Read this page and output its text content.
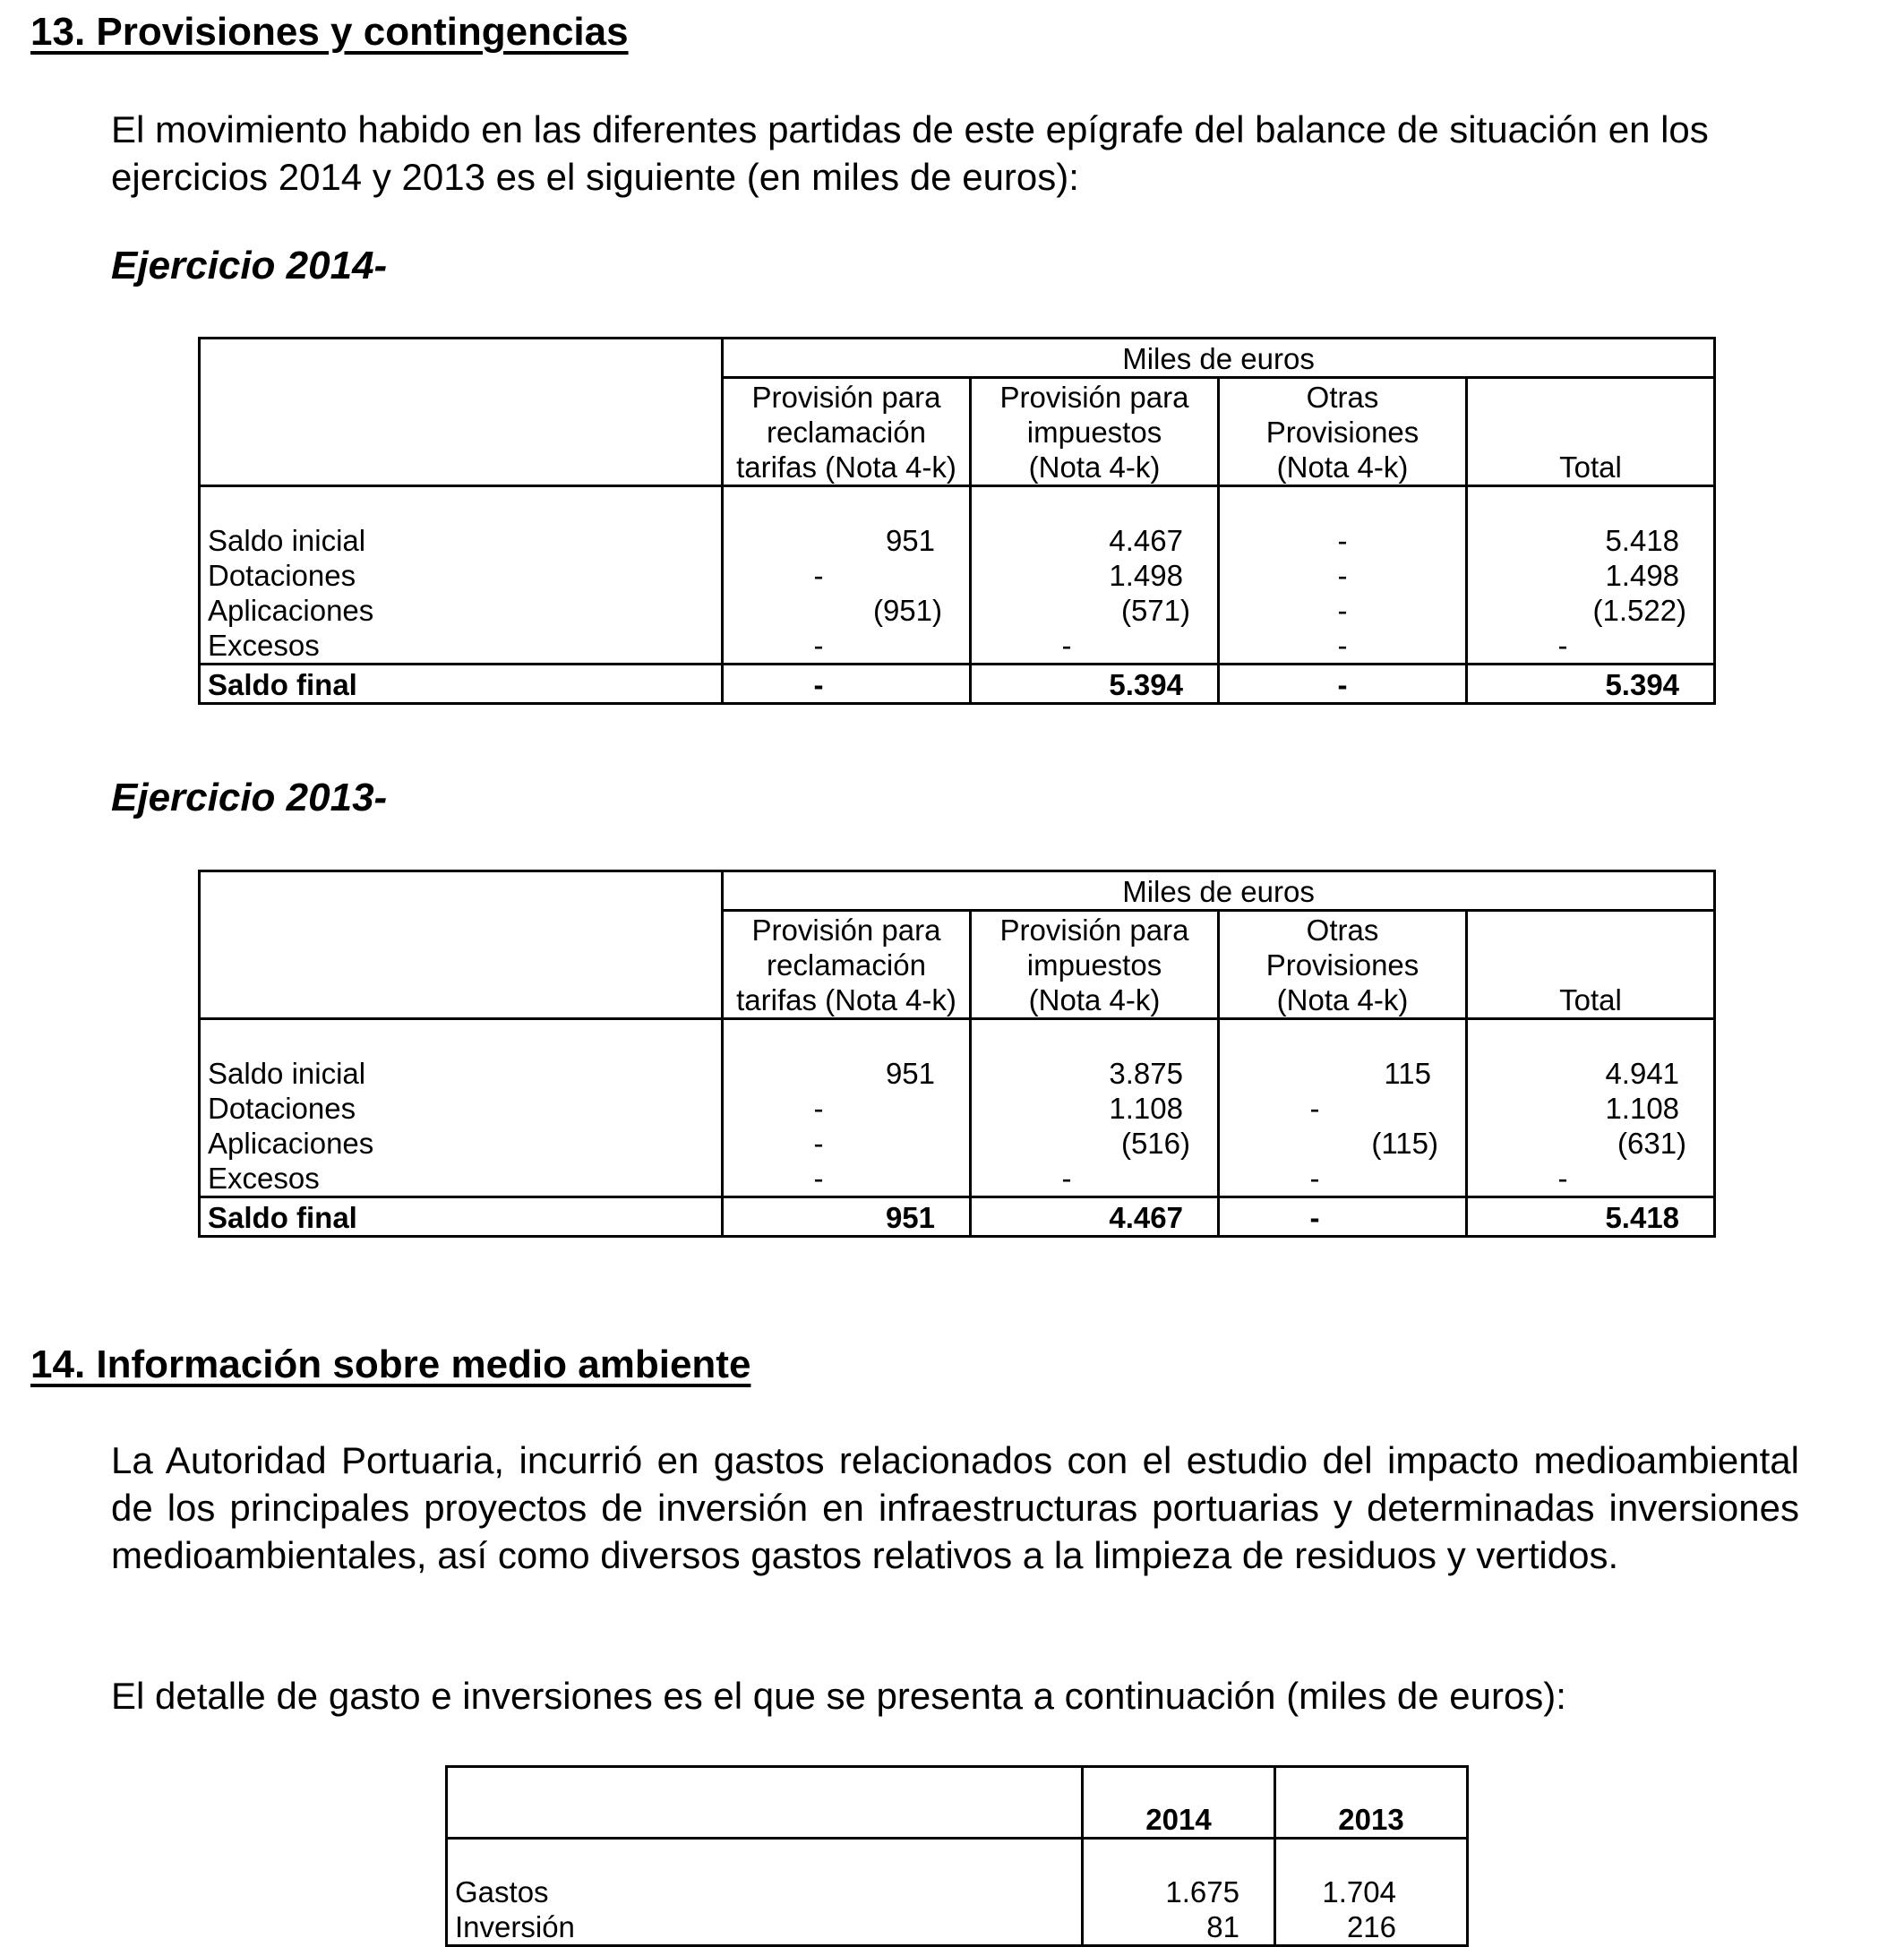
13. Provisiones y contingencias

El movimiento habido en las diferentes partidas de este epígrafe del balance de situación en los ejercicios 2014 y 2013 es el siguiente (en miles de euros):

Ejercicio 2014-
	Miles de euros			
	Provisión para
reclamación
tarifas (Nota 4-k)	Provisión para
impuestos
(Nota 4-k)	Otras
Provisiones
(Nota 4-k)	Total

Saldo inicial	951	4.467	-	5.418
Dotaciones	-	1.498	-	1.498
Aplicaciones	(951)	(571)	-	(1.522)
Excesos	-	-	-	-
Saldo final	-	5.394	-	5.394
Ejercicio 2013-
	Miles de euros			
	Provisión para
reclamación
tarifas (Nota 4-k)	Provisión para
impuestos
(Nota 4-k)	Otras
Provisiones
(Nota 4-k)	Total

Saldo inicial	951	3.875	115	4.941
Dotaciones	-	1.108	-	1.108
Aplicaciones	-	(516)	(115)	(631)
Excesos	-	-	-	-
Saldo final	951	4.467	-	5.418
14. Información sobre medio ambiente

La Autoridad Portuaria, incurrió en gastos relacionados con el estudio del impacto medioambiental de los principales proyectos de inversión en infraestructuras portuarias y determinadas inversiones medioambientales, así como diversos gastos relativos a la limpieza de residuos y vertidos.

El detalle de gasto e inversiones es el que se presenta a continuación (miles de euros):

	2014	2013

Gastos	1.675	1.704
Inversión	81	216
